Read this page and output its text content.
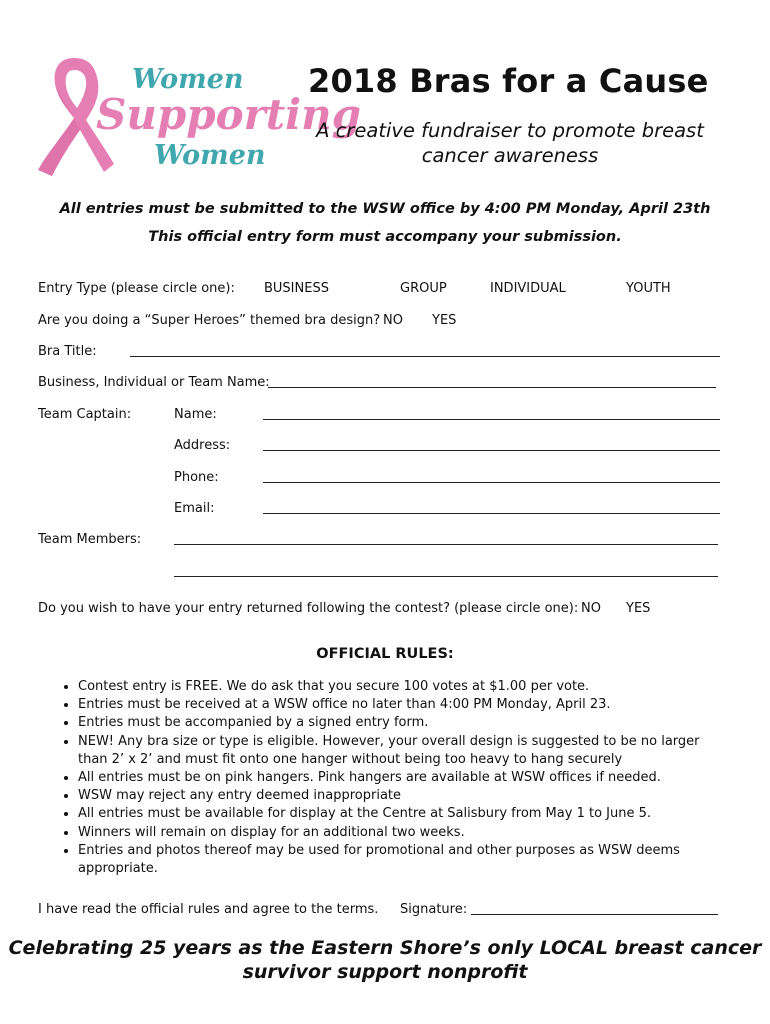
Women
Supporting
Women
2018 Bras for a Cause
A creative fundraiser to promote breast cancer awareness
All entries must be submitted to the WSW office by 4:00 PM Monday, April 23th
This official entry form must accompany your submission.
Entry Type (please circle one): BUSINESS	GROUP	INDIVIDUAL	YOUTH
Are you doing a “Super Heroes” themed bra design? NO YES
Bra Title:
Business, Individual or Team Name:
Team Captain:	Name:
Address:
Phone:
Email:
Team Members:
Do you wish to have your entry returned following the contest? (please circle one): NO YES
OFFICIAL RULES:
• Contest entry is FREE. We do ask that you secure 100 votes at $1.00 per vote.
• Entries must be received at a WSW office no later than 4:00 PM Monday, April 23.
• Entries must be accompanied by a signed entry form.
• NEW! Any bra size or type is eligible. However, your overall design is suggested to be no larger than 2’ x 2’ and must fit onto one hanger without being too heavy to hang securely
• All entries must be on pink hangers. Pink hangers are available at WSW offices if needed.
• WSW may reject any entry deemed inappropriate
• All entries must be available for display at the Centre at Salisbury from May 1 to June 5.
• Winners will remain on display for an additional two weeks.
• Entries and photos thereof may be used for promotional and other purposes as WSW deems appropriate.
I have read the official rules and agree to the terms. Signature:
Celebrating 25 years as the Eastern Shore’s only LOCAL breast cancer survivor support nonprofit
